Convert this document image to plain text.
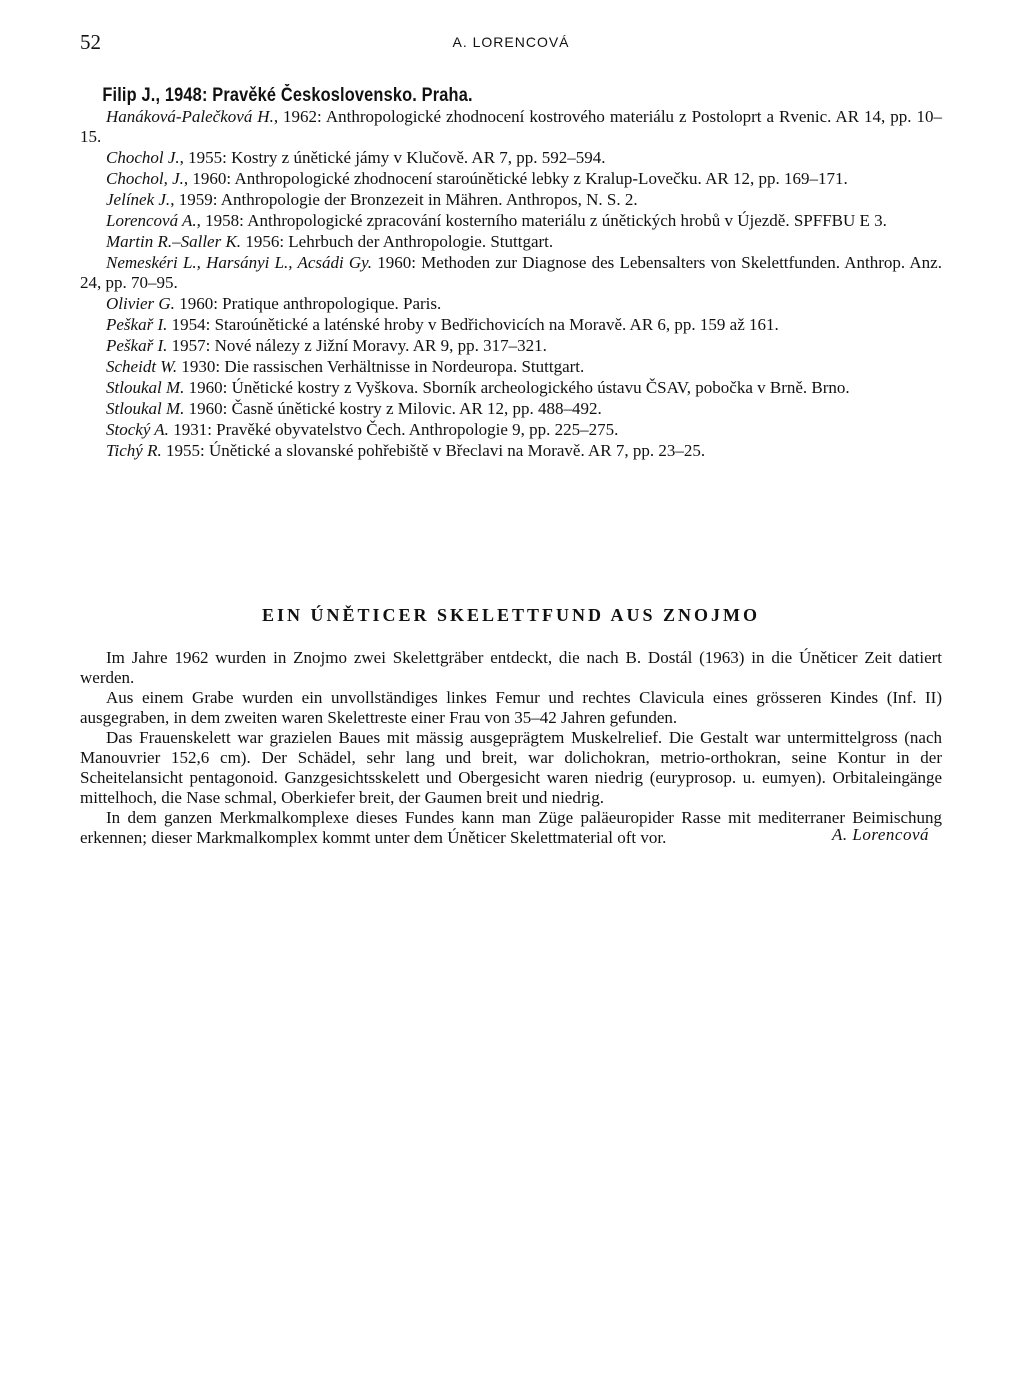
52	A. LORENCOVÁ

Filip J., 1948: Pravěké Československo. Praha.

Hanáková-Palečková H., 1962: Anthropologické zhodnocení kostrového materiálu z Postoloprt a Rvenic. AR 14, pp. 10–15.

Chochol J., 1955: Kostry z únětické jámy v Klučově. AR 7, pp. 592–594.

Chochol, J., 1960: Anthropologické zhodnocení staroúnětické lebky z Kralup-Lovečku. AR 12, pp. 169–171.

Jelínek J., 1959: Anthropologie der Bronzezeit in Mähren. Anthropos, N. S. 2.

Lorencová A., 1958: Anthropologické zpracování kosterního materiálu z únětických hrobů v Újezdě. SPFFBU E 3.

Martin R.–Saller K. 1956: Lehrbuch der Anthropologie. Stuttgart.

Nemeskéri L., Harsányi L., Acsádi Gy. 1960: Methoden zur Diagnose des Lebensalters von Skelettfunden. Anthrop. Anz. 24, pp. 70–95.

Olivier G. 1960: Pratique anthropologique. Paris.

Peškař I. 1954: Staroúnětické a laténské hroby v Bedřichovicích na Moravě. AR 6, pp. 159 až 161.

Peškař I. 1957: Nové nálezy z Jižní Moravy. AR 9, pp. 317–321.

Scheidt W. 1930: Die rassischen Verhältnisse in Nordeuropa. Stuttgart.

Stloukal M. 1960: Únětické kostry z Vyškova. Sborník archeologického ústavu ČSAV, pobočka v Brně. Brno.

Stloukal M. 1960: Časně únětické kostry z Milovic. AR 12, pp. 488–492.

Stocký A. 1931: Pravěké obyvatelstvo Čech. Anthropologie 9, pp. 225–275.

Tichý R. 1955: Únětické a slovanské pohřebiště v Břeclavi na Moravě. AR 7, pp. 23–25.

EIN ÚNĚTICER SKELETTFUND AUS ZNOJMO

Im Jahre 1962 wurden in Znojmo zwei Skelettgräber entdeckt, die nach B. Dostál (1963) in die Úněticer Zeit datiert werden.

Aus einem Grabe wurden ein unvollständiges linkes Femur und rechtes Clavicula eines grösseren Kindes (Inf. II) ausgegraben, in dem zweiten waren Skelettreste einer Frau von 35–42 Jahren gefunden.

Das Frauenskelett war grazielen Baues mit mässig ausgeprägtem Muskelrelief. Die Gestalt war untermittelgross (nach Manouvrier 152,6 cm). Der Schädel, sehr lang und breit, war dolichokran, metrio-orthokran, seine Kontur in der Scheitelansicht pentagonoid. Ganzgesichtsskelett und Obergesicht waren niedrig (euryprosop. u. eumyen). Orbitaleingänge mittelhoch, die Nase schmal, Oberkiefer breit, der Gaumen breit und niedrig.

In dem ganzen Merkmalkomplexe dieses Fundes kann man Züge paläeuropider Rasse mit mediterraner Beimischung erkennen; dieser Markmalkomplex kommt unter dem Úněticer Skelettmaterial oft vor.	A. Lorencová
